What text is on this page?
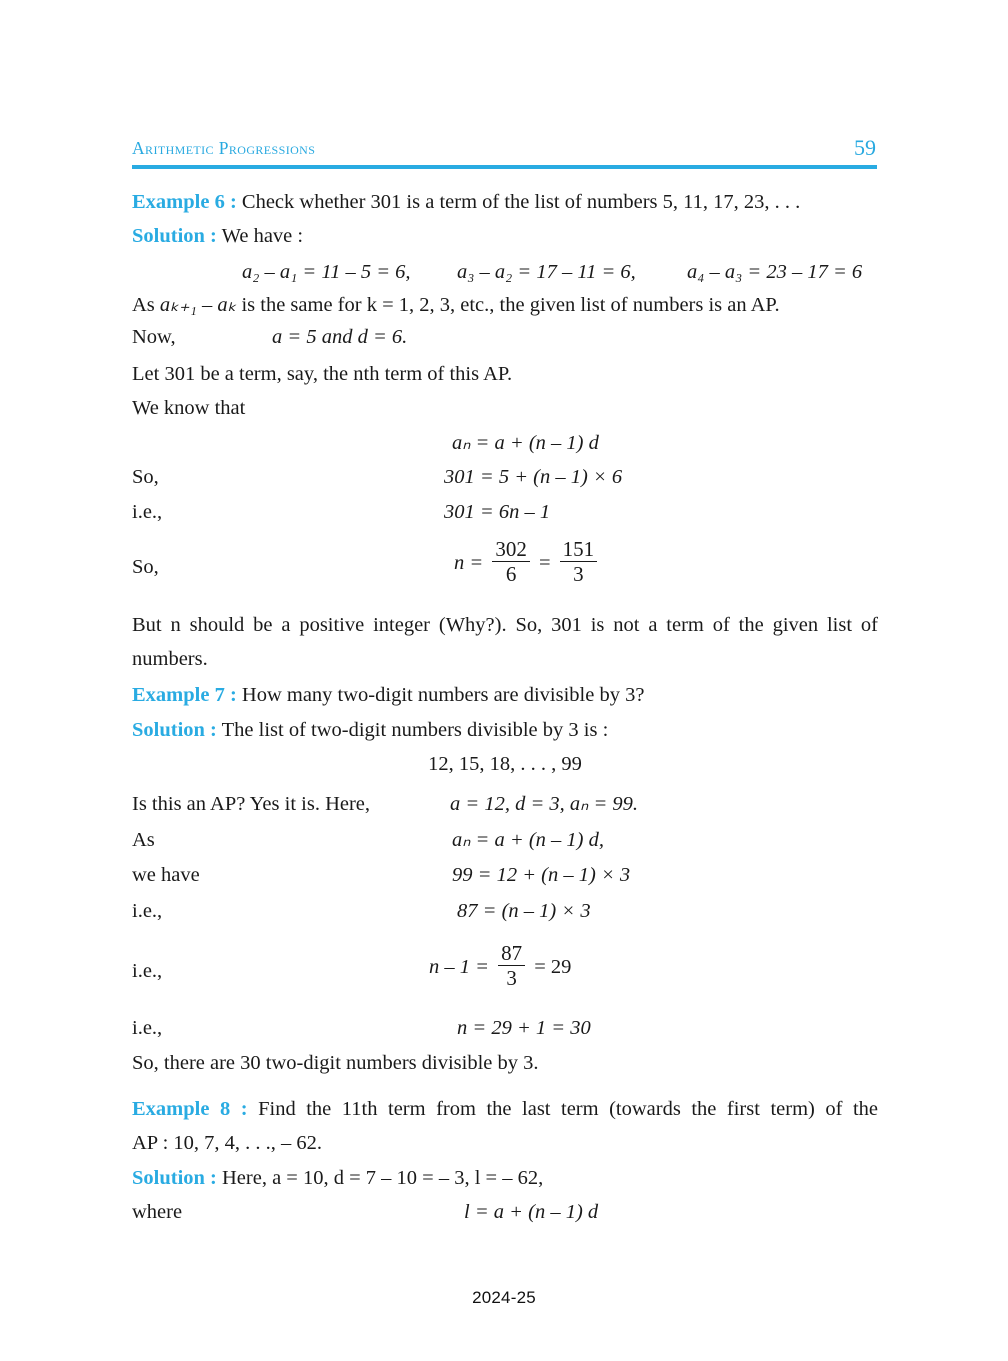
Arithmetic Progressions	59
Example 6 : Check whether 301 is a term of the list of numbers 5, 11, 17, 23, . . .
Solution : We have :
a₂ – a₁ = 11 – 5 = 6, a₃ – a₂ = 17 – 11 = 6, a₄ – a₃ = 23 – 17 = 6
As aₖ₊₁ – aₖ is the same for k = 1, 2, 3, etc., the given list of numbers is an AP.
Now,	a = 5 and d = 6.
Let 301 be a term, say, the nth term of this AP.
We know that
aₙ = a + (n – 1) d
So,	301 = 5 + (n – 1) × 6
i.e.,	301 = 6n – 1
So,	$n = \frac{302}{6} = \frac{151}{3}$
But n should be a positive integer (Why?). So, 301 is not a term of the given list of numbers.
Example 7 : How many two-digit numbers are divisible by 3?
Solution : The list of two-digit numbers divisible by 3 is :
12, 15, 18, . . . , 99
Is this an AP? Yes it is. Here,	a = 12, d = 3, aₙ = 99.
As	aₙ = a + (n – 1) d,
we have	99 = 12 + (n – 1) × 3
i.e.,	87 = (n – 1) × 3
i.e.,	$n - 1 = \frac{87}{3} = 29$
i.e.,	n = 29 + 1 = 30
So, there are 30 two-digit numbers divisible by 3.
Example 8 : Find the 11th term from the last term (towards the first term) of the
AP : 10, 7, 4, . . ., – 62.
Solution : Here, a = 10, d = 7 – 10 = – 3, l = – 62,
where	l = a + (n – 1) d
2024-25
